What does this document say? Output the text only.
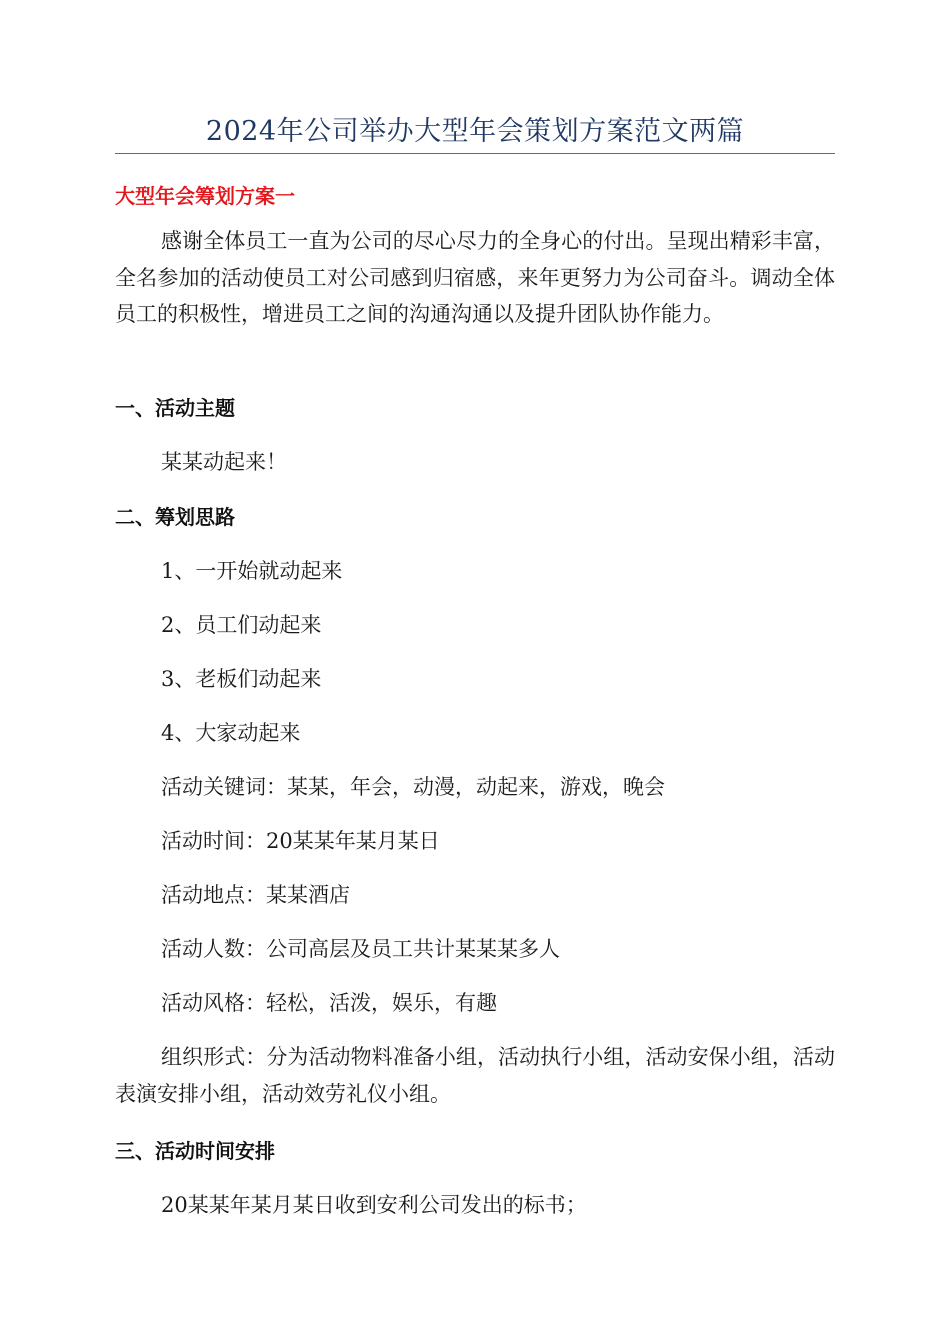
2024年公司举办大型年会策划方案范文两篇
大型年会筹划方案一

感谢全体员工一直为公司的尽心尽力的全身心的付出。呈现出精彩丰富，全名参加的活动使员工对公司感到归宿感，来年更努力为公司奋斗。调动全体员工的积极性，增进员工之间的沟通沟通以及提升团队协作能力。

一、活动主题
某某动起来！
二、筹划思路
1、一开始就动起来
2、员工们动起来
3、老板们动起来
4、大家动起来
活动关键词：某某，年会，动漫，动起来，游戏，晚会
活动时间：20某某年某月某日
活动地点：某某酒店
活动人数：公司高层及员工共计某某某多人
活动风格：轻松，活泼，娱乐，有趣

组织形式：分为活动物料准备小组，活动执行小组，活动安保小组，活动表演安排小组，活动效劳礼仪小组。

三、活动时间安排
20某某年某月某日收到安利公司发出的标书；
